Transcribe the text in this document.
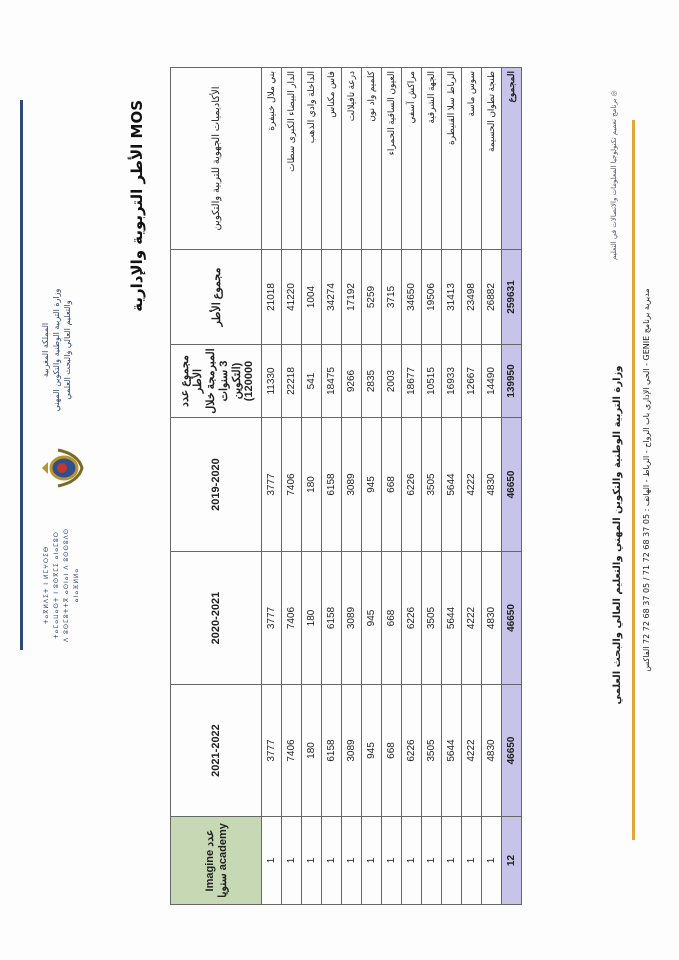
المملكة المغربية وزارة التربية الوطنية والتكوين المهني والتعليم العالي والبحث العلمي
ⵜⴰⴳⵍⴷⵉⵜ ⵏ ⵍⵎⵖⵔⵉⴱ ⵜⴰⵎⴰⵡⴰⵙⵜ ⵏ ⵓⵙⴳⵎⵉ ⴰⵏⴰⵎⵓⵔ ⴷ ⵓⵙⵎⵓⵜⵜⴳ ⴰⵙⵏⴰⵏ ⴷ ⵓⵙⵙⵓⴷⵙ ⴰⵏⴰⴼⵍⵍⴰ
MOS الأطر التربوية والإدارية	الأكاديميات الجهوية للتربية والتكوين	مجموع الأطر	مجموع عدد الأطر المبرمجة خلال 3 سنوات (التكوين 120000)	2019-2020	2020-2021	2021-2022	عدد Imagine academy سنويا
بني ملال خنيفرة	21018	11330	3777	3777	3777	1
الدار البيضاء الكبرى سطات	41220	22218	7406	7406	7406	1
الداخلة وادي الذهب	1004	541	180	180	180	1
فاس مكناس	34274	18475	6158	6158	6158	1
درعة تافيلالت	17192	9266	3089	3089	3089	1
كلميم واد نون	5259	2835	945	945	945	1
العيون الساقية الحمراء	3715	2003	668	668	668	1
مراكش آسفي	34650	18677	6226	6226	6226	1
الجهة الشرقية	19506	10515	3505	3505	3505	1
الرباط سلا القنيطرة	31413	16933	5644	5644	5644	1
سوس ماسة	23498	12667	4222	4222	4222	1
طنجة تطوان الحسيمة	26882	14490	4830	4830	4830	1
المجموع	259631	139950	46650	46650	46650	12
◎ برنامج تعميم تكنولوجيا المعلومات والاتصالات في التعليم
وزارة التربية الوطنية والتكوين المهني والتعليم العالي والبحث العلمي مديرية برنامج GENIE - الحي الإداري باب الرواح - الرباط - الهاتف : 05 37 68 72 71 / 05 37 68 72 72 الفاكس
